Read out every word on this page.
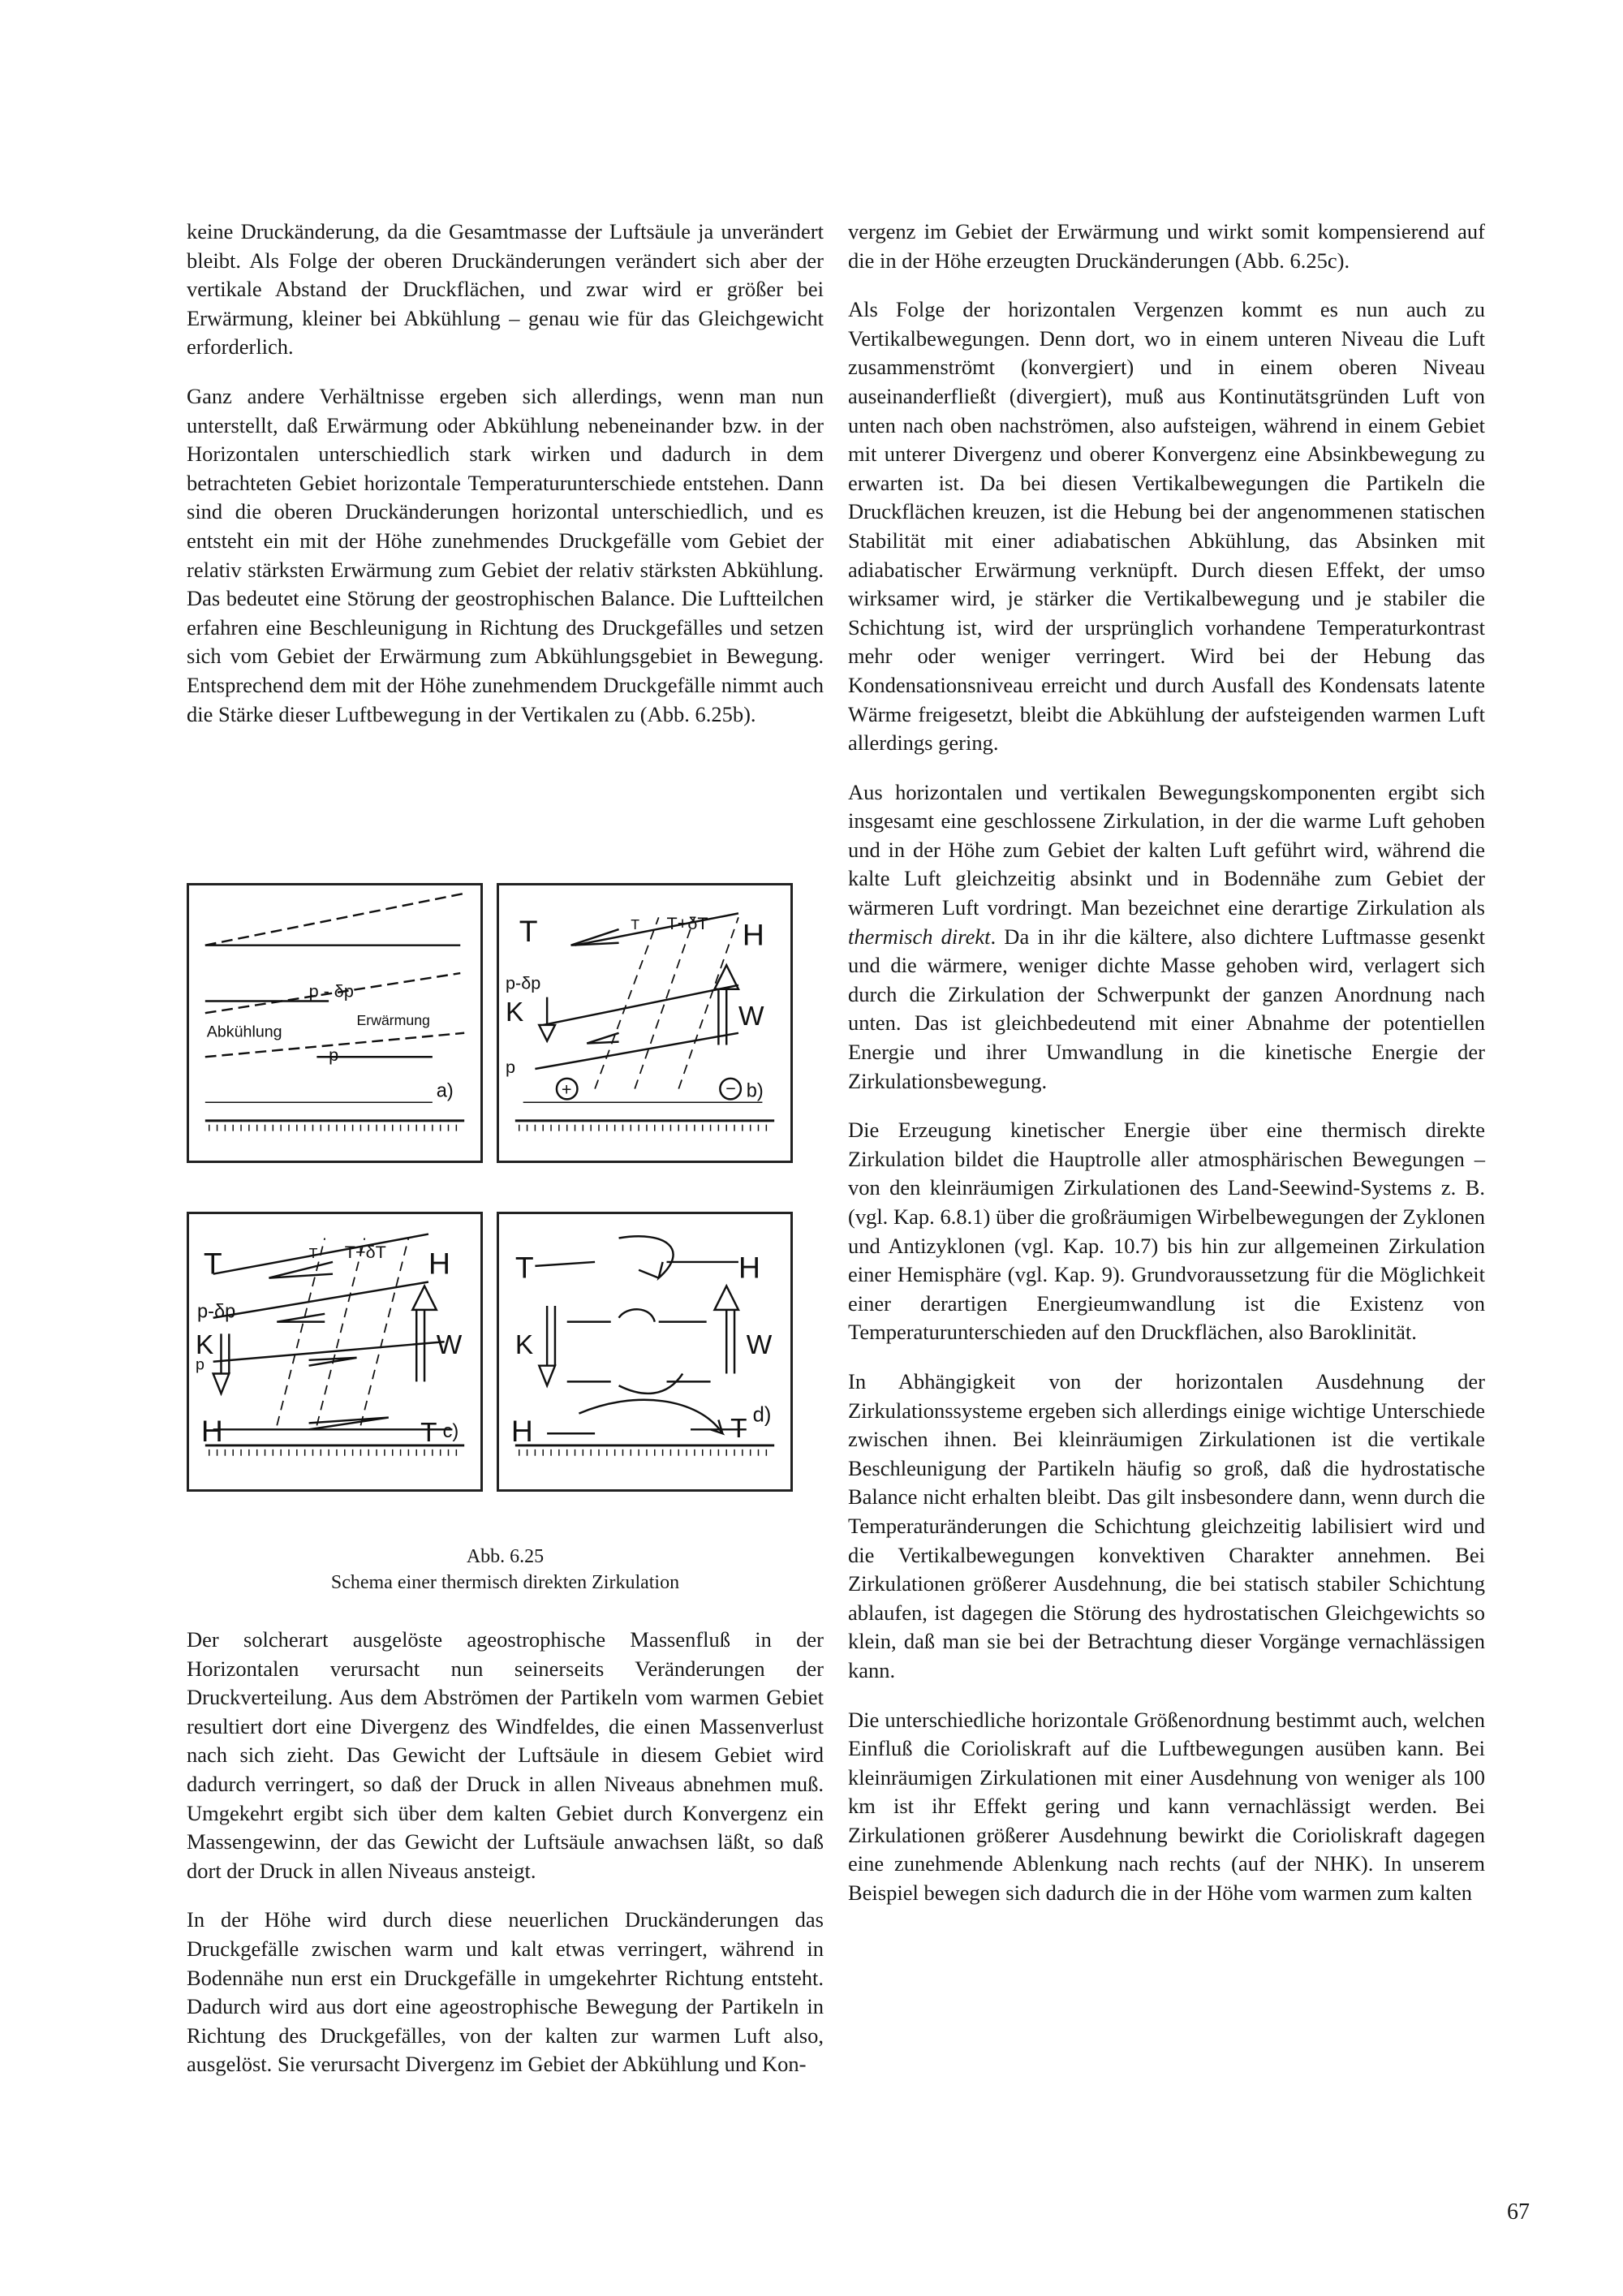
keine Druckänderung, da die Gesamtmasse der Luftsäule ja unverändert bleibt. Als Folge der oberen Druckänderungen verändert sich aber der vertikale Abstand der Druckflächen, und zwar wird er größer bei Erwärmung, kleiner bei Abkühlung – genau wie für das Gleichgewicht erforderlich.

Ganz andere Verhältnisse ergeben sich allerdings, wenn man nun unterstellt, daß Erwärmung oder Abkühlung nebeneinander bzw. in der Horizontalen unterschiedlich stark wirken und dadurch in dem betrachteten Gebiet horizontale Temperaturunterschiede entstehen. Dann sind die oberen Druckänderungen horizontal unterschiedlich, und es entsteht ein mit der Höhe zunehmendes Druckgefälle vom Gebiet der relativ stärksten Erwärmung zum Gebiet der relativ stärksten Abkühlung. Das bedeutet eine Störung der geostrophischen Balance. Die Luftteilchen erfahren eine Beschleunigung in Richtung des Druckgefälles und setzen sich vom Gebiet der Erwärmung zum Abkühlungsgebiet in Bewegung. Entsprechend dem mit der Höhe zunehmendem Druckgefälle nimmt auch die Stärke dieser Luftbewegung in der Vertikalen zu (Abb. 6.25b).

p - δp
Erwärmung
Abkühlung
p
a)
T	T T+δT H
p-δp
K	W
p
+	− b)
T	T T+δT H
p-δp
K	W
p
H	T c)
T	H
K	W
H	T d)
Abb. 6.25
Schema einer thermisch direkten Zirkulation

Der solcherart ausgelöste ageostrophische Massenfluß in der Horizontalen verursacht nun seinerseits Veränderungen der Druckverteilung. Aus dem Abströmen der Partikeln vom warmen Gebiet resultiert dort eine Divergenz des Windfeldes, die einen Massenverlust nach sich zieht. Das Gewicht der Luftsäule in diesem Gebiet wird dadurch verringert, so daß der Druck in allen Niveaus abnehmen muß. Umgekehrt ergibt sich über dem kalten Gebiet durch Konvergenz ein Massengewinn, der das Gewicht der Luftsäule anwachsen läßt, so daß dort der Druck in allen Niveaus ansteigt.

In der Höhe wird durch diese neuerlichen Druckänderungen das Druckgefälle zwischen warm und kalt etwas verringert, während in Bodennähe nun erst ein Druckgefälle in umgekehrter Richtung entsteht. Dadurch wird aus dort eine ageostrophische Bewegung der Partikeln in Richtung des Druckgefälles, von der kalten zur warmen Luft also, ausgelöst. Sie verursacht Divergenz im Gebiet der Abkühlung und Kon-

vergenz im Gebiet der Erwärmung und wirkt somit kompensierend auf die in der Höhe erzeugten Druckänderungen (Abb. 6.25c).

Als Folge der horizontalen Vergenzen kommt es nun auch zu Vertikalbewegungen. Denn dort, wo in einem unteren Niveau die Luft zusammenströmt (konvergiert) und in einem oberen Niveau auseinanderfließt (divergiert), muß aus Kontinutätsgründen Luft von unten nach oben nachströmen, also aufsteigen, während in einem Gebiet mit unterer Divergenz und oberer Konvergenz eine Absinkbewegung zu erwarten ist. Da bei diesen Vertikalbewegungen die Partikeln die Druckflächen kreuzen, ist die Hebung bei der angenommenen statischen Stabilität mit einer adiabatischen Abkühlung, das Absinken mit adiabatischer Erwärmung verknüpft. Durch diesen Effekt, der umso wirksamer wird, je stärker die Vertikalbewegung und je stabiler die Schichtung ist, wird der ursprünglich vorhandene Temperaturkontrast mehr oder weniger verringert. Wird bei der Hebung das Kondensationsniveau erreicht und durch Ausfall des Kondensats latente Wärme freigesetzt, bleibt die Abkühlung der aufsteigenden warmen Luft allerdings gering.

Aus horizontalen und vertikalen Bewegungskomponenten ergibt sich insgesamt eine geschlossene Zirkulation, in der die warme Luft gehoben und in der Höhe zum Gebiet der kalten Luft geführt wird, während die kalte Luft gleichzeitig absinkt und in Bodennähe zum Gebiet der wärmeren Luft vordringt. Man bezeichnet eine derartige Zirkulation als thermisch direkt. Da in ihr die kältere, also dichtere Luftmasse gesenkt und die wärmere, weniger dichte Masse gehoben wird, verlagert sich durch die Zirkulation der Schwerpunkt der ganzen Anordnung nach unten. Das ist gleichbedeutend mit einer Abnahme der potentiellen Energie und ihrer Umwandlung in die kinetische Energie der Zirkulationsbewegung.

Die Erzeugung kinetischer Energie über eine thermisch direkte Zirkulation bildet die Hauptrolle aller atmosphärischen Bewegungen – von den kleinräumigen Zirkulationen des Land-Seewind-Systems z. B. (vgl. Kap. 6.8.1) über die großräumigen Wirbelbewegungen der Zyklonen und Antizyklonen (vgl. Kap. 10.7) bis hin zur allgemeinen Zirkulation einer Hemisphäre (vgl. Kap. 9). Grundvoraussetzung für die Möglichkeit einer derartigen Energieumwandlung ist die Existenz von Temperaturunterschieden auf den Druckflächen, also Baroklinität.

In Abhängigkeit von der horizontalen Ausdehnung der Zirkulationssysteme ergeben sich allerdings einige wichtige Unterschiede zwischen ihnen. Bei kleinräumigen Zirkulationen ist die vertikale Beschleunigung der Partikeln häufig so groß, daß die hydrostatische Balance nicht erhalten bleibt. Das gilt insbesondere dann, wenn durch die Temperaturänderungen die Schichtung gleichzeitig labilisiert wird und die Vertikalbewegungen konvektiven Charakter annehmen. Bei Zirkulationen größerer Ausdehnung, die bei statisch stabiler Schichtung ablaufen, ist dagegen die Störung des hydrostatischen Gleichgewichts so klein, daß man sie bei der Betrachtung dieser Vorgänge vernachlässigen kann.

Die unterschiedliche horizontale Größenordnung bestimmt auch, welchen Einfluß die Corioliskraft auf die Luftbewegungen ausüben kann. Bei kleinräumigen Zirkulationen mit einer Ausdehnung von weniger als 100 km ist ihr Effekt gering und kann vernachlässigt werden. Bei Zirkulationen größerer Ausdehnung bewirkt die Corioliskraft dagegen eine zunehmende Ablenkung nach rechts (auf der NHK). In unserem Beispiel bewegen sich dadurch die in der Höhe vom warmen zum kalten

67
